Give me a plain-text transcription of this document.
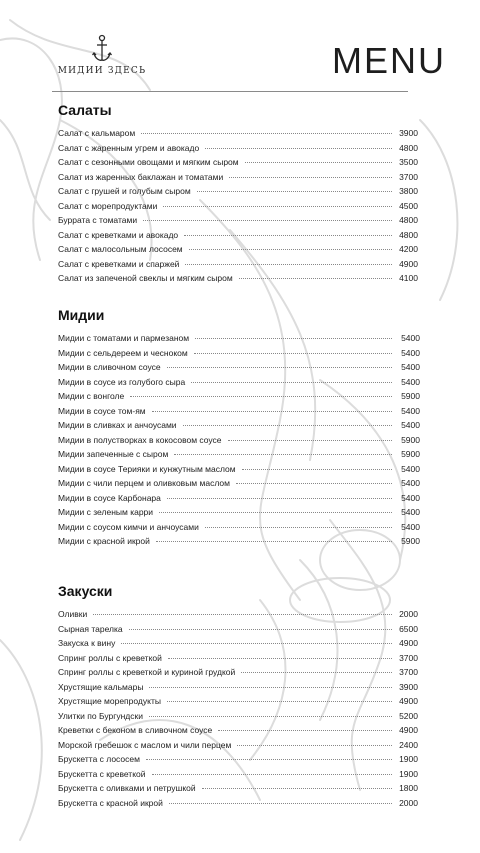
МИДИИ ЗДЕСЬ	MENU
Салаты
Салат с кальмаром	3900
Салат с жаренным угрем и авокадо	4800
Салат с сезонными овощами и мягким сыром	3500
Салат из жаренных баклажан и томатами	3700
Салат с грушей и голубым сыром	3800
Салат с морепродуктами	4500
Буррата с томатами	4800
Салат с креветками и авокадо	4800
Салат с малосольным лососем	4200
Салат с креветками и спаржей	4900
Салат из запеченой свеклы и мягким сыром	4100
Мидии
Мидии с томатами и пармезаном	5400
Мидии с сельдереем и чесноком	5400
Мидии в сливочном соусе	5400
Мидии в соусе из голубого сыра	5400
Мидии с вонголе	5900
Мидии в соусе том-ям	5400
Мидии в сливках и анчоусами	5400
Мидии в полустворках в кокосовом соусе	5900
Мидии запеченные с сыром	5900
Мидии в соусе Терияки и кунжутным маслом	5400
Мидии с чили перцем и оливковым маслом	5400
Мидии в соусе Карбонара	5400
Мидии с зеленым карри	5400
Мидии с соусом кимчи и анчоусами	5400
Мидии с красной икрой	5900
Закуски
Оливки	2000
Сырная тарелка	6500
Закуска к вину	4900
Спринг роллы с креветкой	3700
Спринг роллы с креветкой и куриной грудкой	3700
Хрустящие кальмары	3900
Хрустящие морепродукты	4900
Улитки по Бургундски	5200
Креветки с беконом в сливочном соусе	4900
Морской гребешок с маслом и чили перцем	2400
Брускетта с лососем	1900
Брускетта с креветкой	1900
Брускетта с оливками и петрушкой	1800
Брускетта с красной икрой	2000
